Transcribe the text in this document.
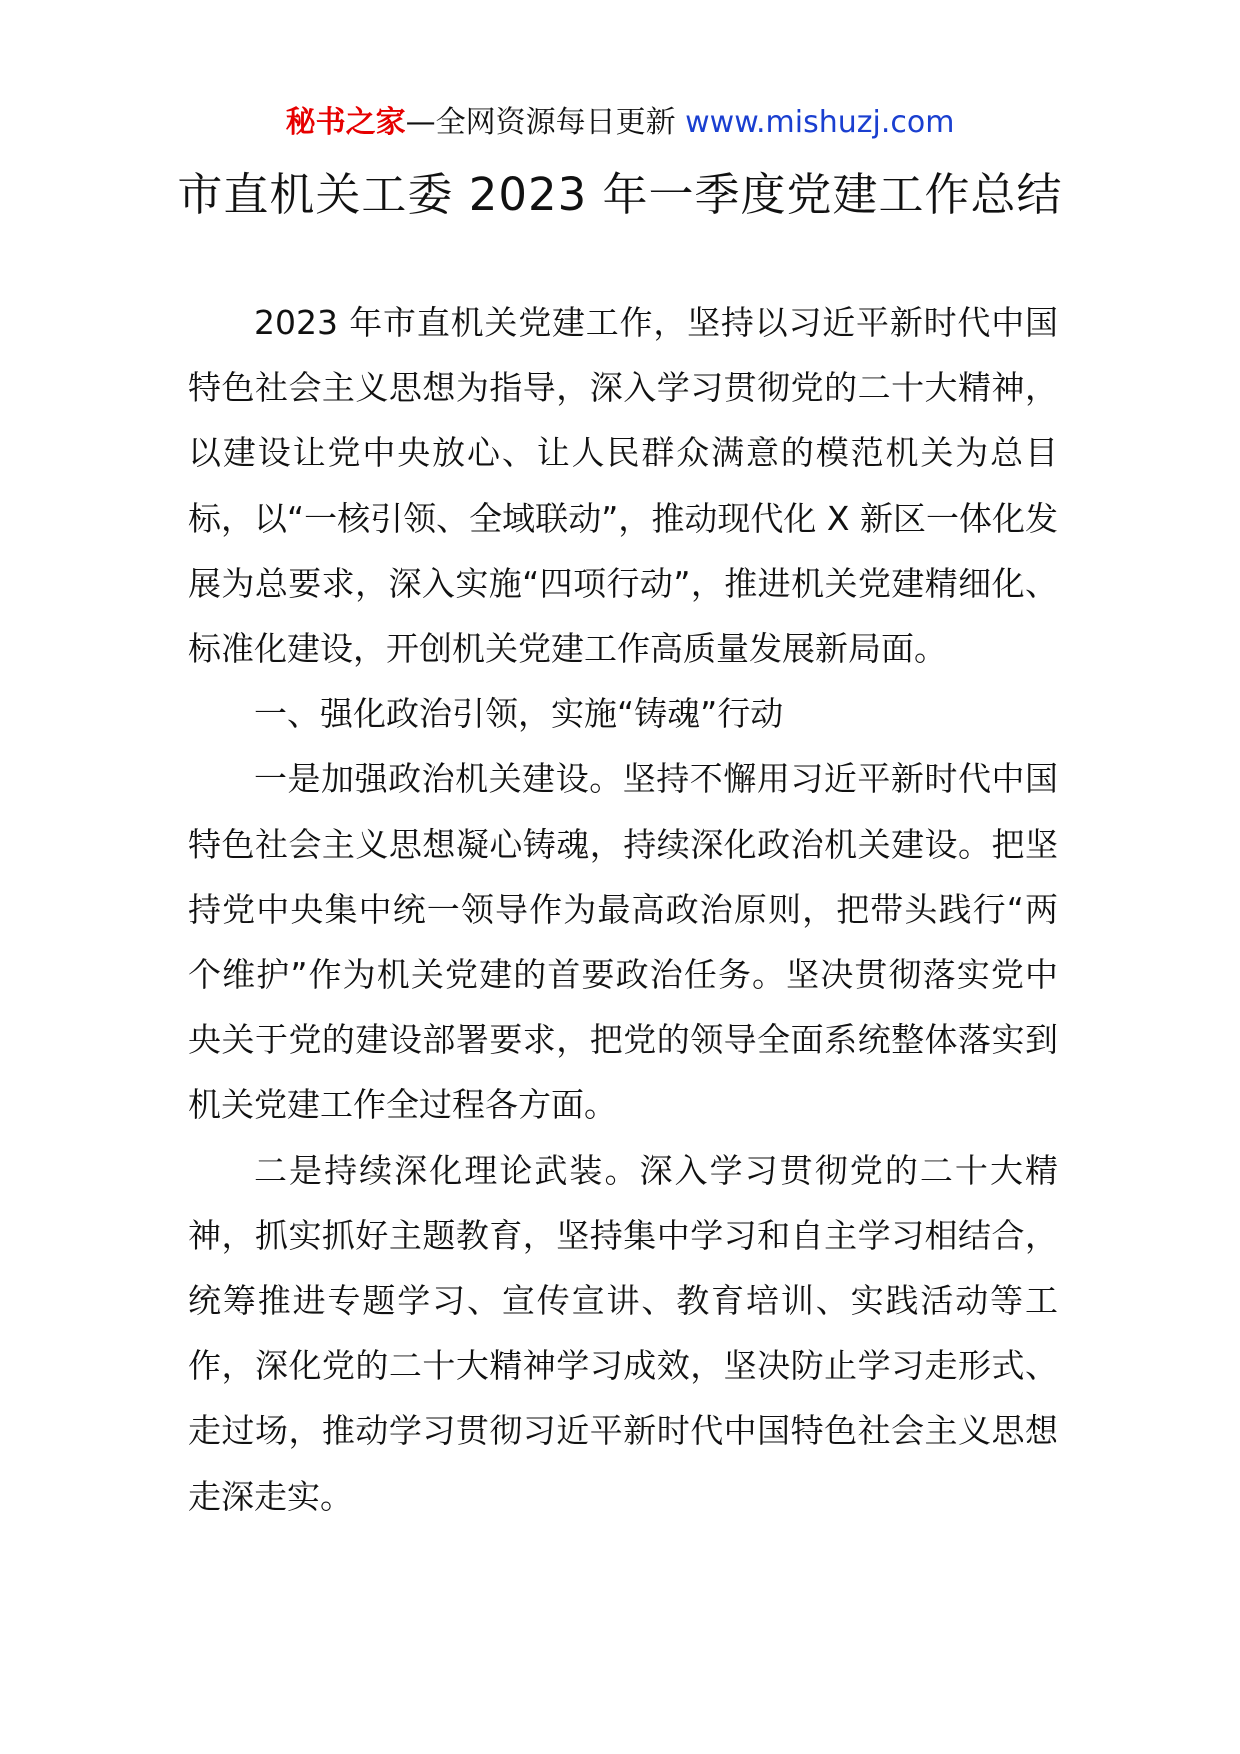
秘书之家—全网资源每日更新 www.mishuzj.com
市直机关工委 2023 年一季度党建工作总结

2023 年市直机关党建工作，坚持以习近平新时代中国特色社会主义思想为指导，深入学习贯彻党的二十大精神，以建设让党中央放心、让人民群众满意的模范机关为总目标，以“一核引领、全域联动”，推动现代化 X 新区一体化发展为总要求，深入实施“四项行动”，推进机关党建精细化、标准化建设，开创机关党建工作高质量发展新局面。

一、强化政治引领，实施“铸魂”行动

一是加强政治机关建设。坚持不懈用习近平新时代中国特色社会主义思想凝心铸魂，持续深化政治机关建设。把坚持党中央集中统一领导作为最高政治原则，把带头践行“两个维护”作为机关党建的首要政治任务。坚决贯彻落实党中央关于党的建设部署要求，把党的领导全面系统整体落实到机关党建工作全过程各方面。

二是持续深化理论武装。深入学习贯彻党的二十大精神，抓实抓好主题教育，坚持集中学习和自主学习相结合，统筹推进专题学习、宣传宣讲、教育培训、实践活动等工作，深化党的二十大精神学习成效，坚决防止学习走形式、走过场，推动学习贯彻习近平新时代中国特色社会主义思想走深走实。
